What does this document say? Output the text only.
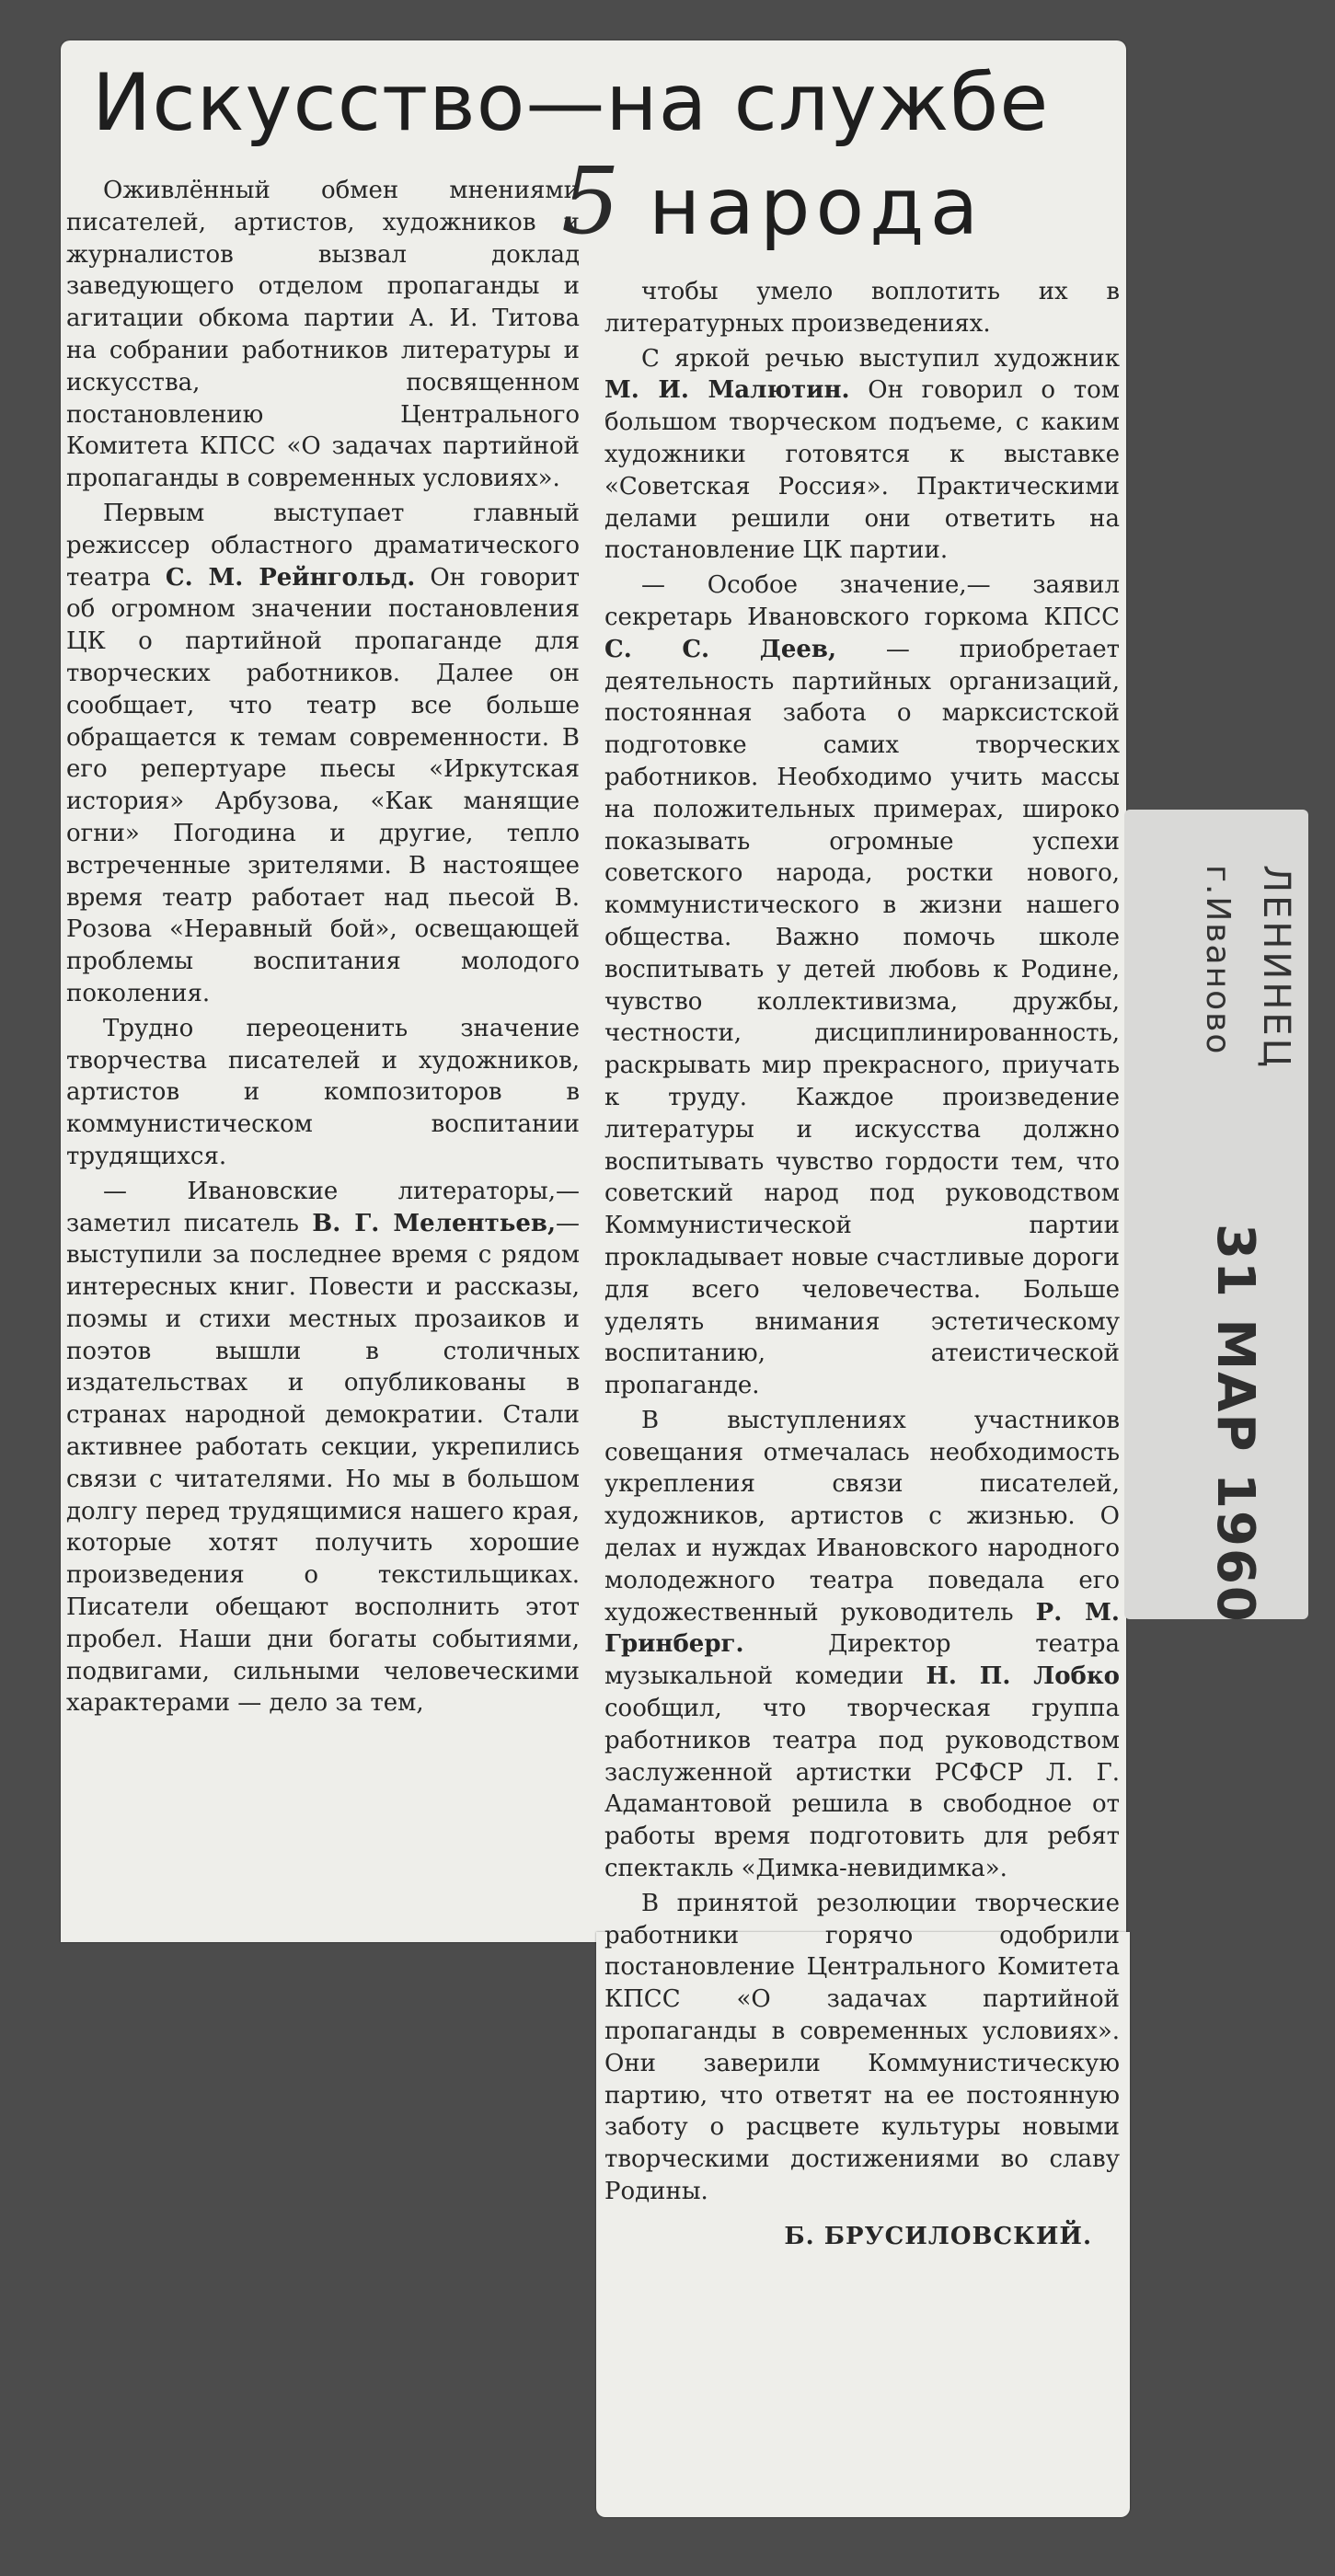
ЛЕНИНЕЦ
г.Иваново
31 МАР 1960
Искусство—на службе
5 народа

Оживлённый обмен мнениями писателей, артистов, художников и журналистов вызвал доклад заведующего отделом пропаганды и агитации обкома партии А. И. Титова на собрании работников литературы и искусства, посвященном постановлению Центрального Комитета КПСС «О задачах партийной пропаганды в современных условиях».

Первым выступает главный режиссер областного драматического театра С. М. Рейнгольд. Он говорит об огромном значении постановления ЦК о партийной пропаганде для творческих работников. Далее он сообщает, что театр все больше обращается к темам современности. В его репертуаре пьесы «Иркутская история» Арбузова, «Как манящие огни» Погодина и другие, тепло встреченные зрителями. В настоящее время театр работает над пьесой В. Розова «Неравный бой», освещающей проблемы воспитания молодого поколения.

Трудно переоценить значение творчества писателей и художников, артистов и композиторов в коммунистическом воспитании трудящихся.

— Ивановские литераторы,— заметил писатель В. Г. Мелентьев,— выступили за последнее время с рядом интересных книг. Повести и рассказы, поэмы и стихи местных прозаиков и поэтов вышли в столичных издательствах и опубликованы в странах народной демократии. Стали активнее работать секции, укрепились связи с читателями. Но мы в большом долгу перед трудящимися нашего края, которые хотят получить хорошие произведения о текстильщиках. Писатели обещают восполнить этот пробел. Наши дни богаты событиями, подвигами, сильными человеческими характерами — дело за тем,

чтобы умело воплотить их в литературных произведениях.

С яркой речью выступил художник М. И. Малютин. Он говорил о том большом творческом подъеме, с каким художники готовятся к выставке «Советская Россия». Практическими делами решили они ответить на постановление ЦК партии.

— Особое значение,— заявил секретарь Ивановского горкома КПСС С. С. Деев, — приобретает деятельность партийных организаций, постоянная забота о марксистской подготовке самих творческих работников. Необходимо учить массы на положительных примерах, широко показывать огромные успехи советского народа, ростки нового, коммунистического в жизни нашего общества. Важно помочь школе воспитывать у детей любовь к Родине, чувство коллективизма, дружбы, честности, дисциплинированность, раскрывать мир прекрасного, приучать к труду. Каждое произведение литературы и искусства должно воспитывать чувство гордости тем, что советский народ под руководством Коммунистической партии прокладывает новые счастливые дороги для всего человечества. Больше уделять внимания эстетическому воспитанию, атеистической пропаганде.

В выступлениях участников совещания отмечалась необходимость укрепления связи писателей, художников, артистов с жизнью. О делах и нуждах Ивановского народного молодежного театра поведала его художественный руководитель Р. М. Гринберг. Директор театра музыкальной комедии Н. П. Лобко сообщил, что творческая группа работников театра под руководством заслуженной артистки РСФСР Л. Г. Адамантовой решила в свободное от работы время подготовить для ребят спектакль «Димка-невидимка».

В принятой резолюции творческие работники горячо одобрили постановление Центрального Комитета КПСС «О задачах партийной пропаганды в современных условиях». Они заверили Коммунистическую партию, что ответят на ее постоянную заботу о расцвете культуры новыми творческими достижениями во славу Родины.

Б. БРУСИЛОВСКИЙ.
